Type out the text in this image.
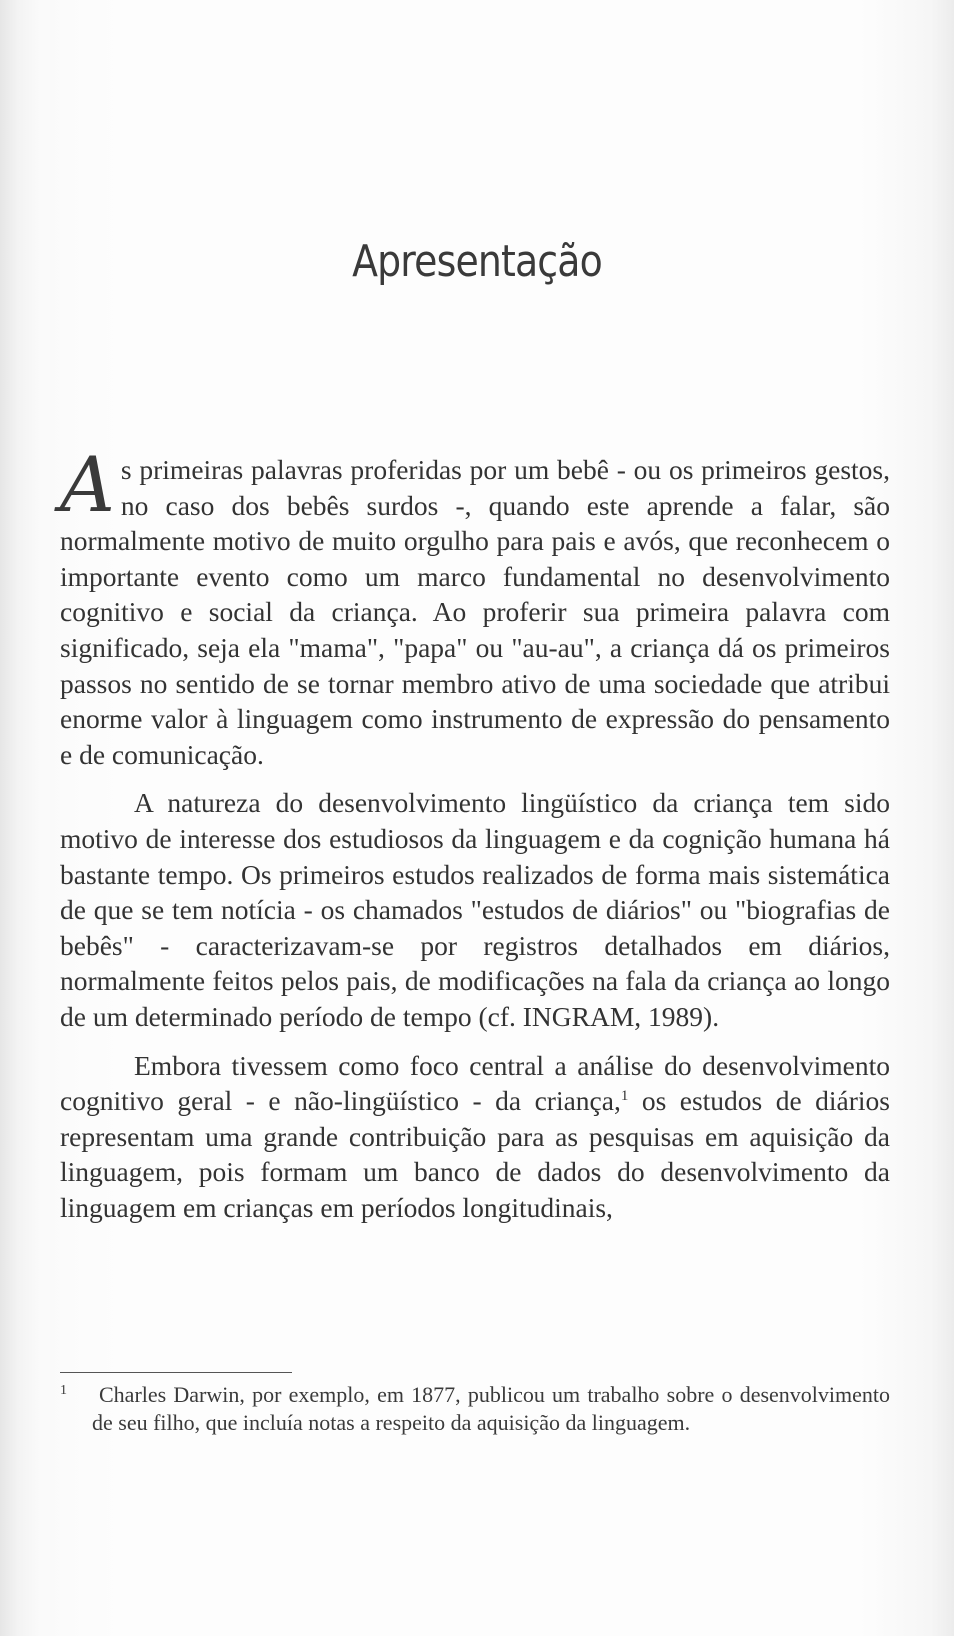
Apresentação

As primeiras palavras proferidas por um bebê - ou os primeiros gestos, no caso dos bebês surdos -, quando este aprende a falar, são normalmente motivo de muito orgulho para pais e avós, que reconhecem o importante evento como um marco fundamental no desenvolvimento cognitivo e social da criança. Ao proferir sua primeira palavra com significado, seja ela "mama", "papa" ou "au-au", a criança dá os primeiros passos no sentido de se tornar membro ativo de uma sociedade que atribui enorme valor à linguagem como instrumento de expressão do pensamento e de comunicação.

A natureza do desenvolvimento lingüístico da criança tem sido motivo de interesse dos estudiosos da linguagem e da cognição humana há bastante tempo. Os primeiros estudos realizados de forma mais sistemática de que se tem notícia - os chamados "estudos de diários" ou "biografias de bebês" - caracterizavam-se por registros detalhados em diários, normalmente feitos pelos pais, de modificações na fala da criança ao longo de um determinado período de tempo (cf. INGRAM, 1989).

Embora tivessem como foco central a análise do desenvolvimento cognitivo geral - e não-lingüístico - da criança,$^1$ os estudos de diários representam uma grande contribuição para as pesquisas em aquisição da linguagem, pois formam um banco de dados do desenvolvimento da linguagem em crianças em períodos longitudinais,

1	Charles Darwin, por exemplo, em 1877, publicou um trabalho sobre o desenvolvimento de seu filho, que incluía notas a respeito da aquisição da linguagem.
